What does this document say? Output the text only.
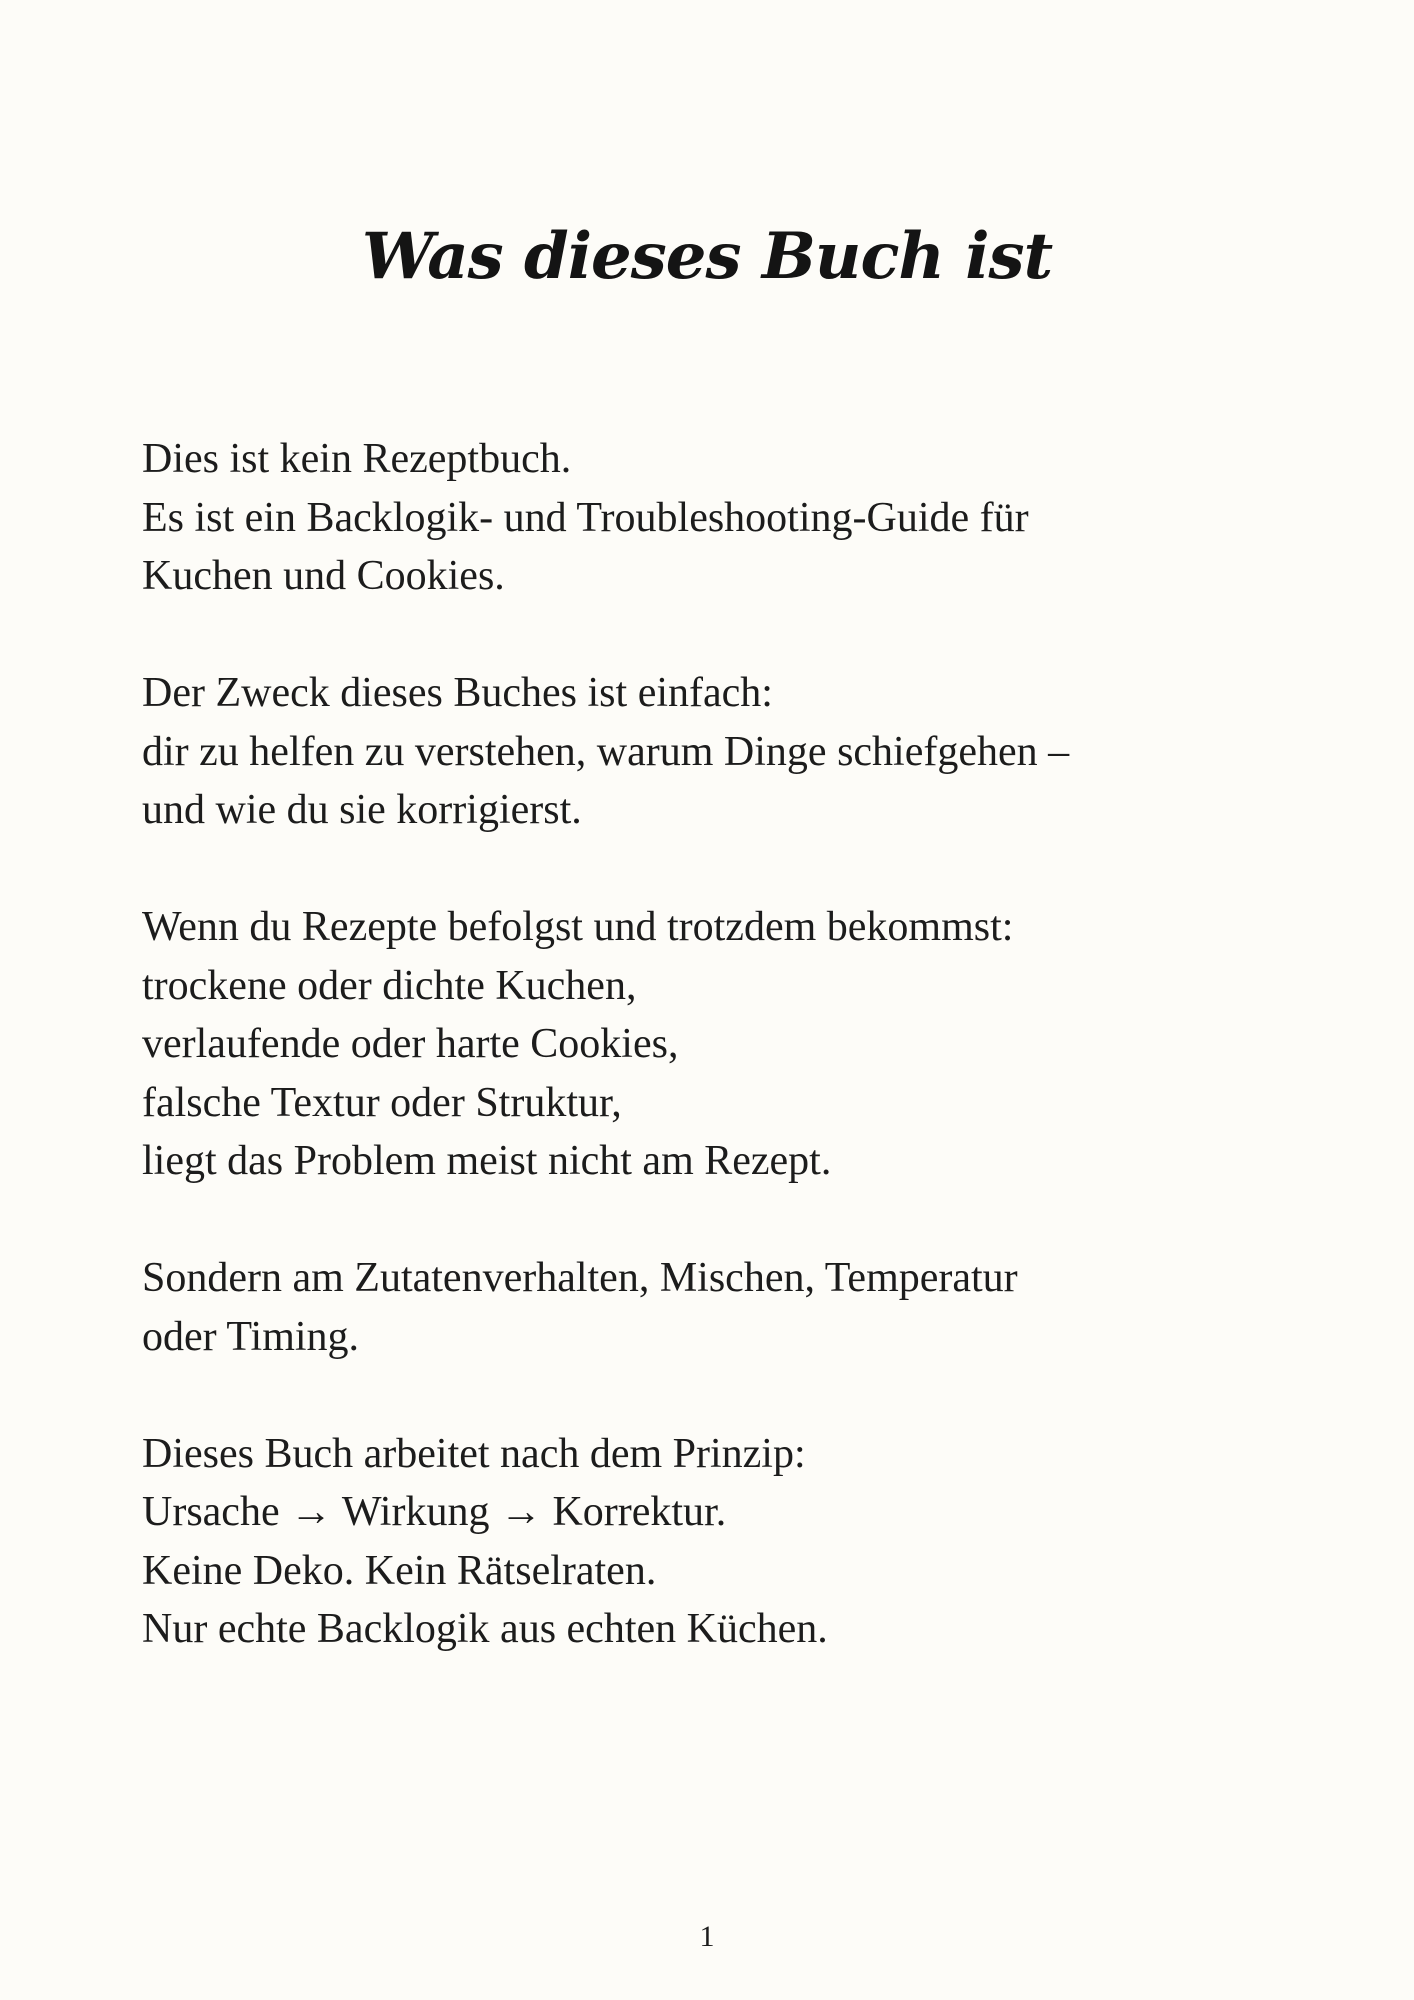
Was dieses Buch ist

Dies ist kein Rezeptbuch.
Es ist ein Backlogik- und Troubleshooting-Guide für
Kuchen und Cookies.

Der Zweck dieses Buches ist einfach:
dir zu helfen zu verstehen, warum Dinge schiefgehen –
und wie du sie korrigierst.

Wenn du Rezepte befolgst und trotzdem bekommst:
trockene oder dichte Kuchen,
verlaufende oder harte Cookies,
falsche Textur oder Struktur,
liegt das Problem meist nicht am Rezept.

Sondern am Zutatenverhalten, Mischen, Temperatur
oder Timing.

Dieses Buch arbeitet nach dem Prinzip:
Ursache → Wirkung → Korrektur.
Keine Deko. Kein Rätselraten.
Nur echte Backlogik aus echten Küchen.

1
